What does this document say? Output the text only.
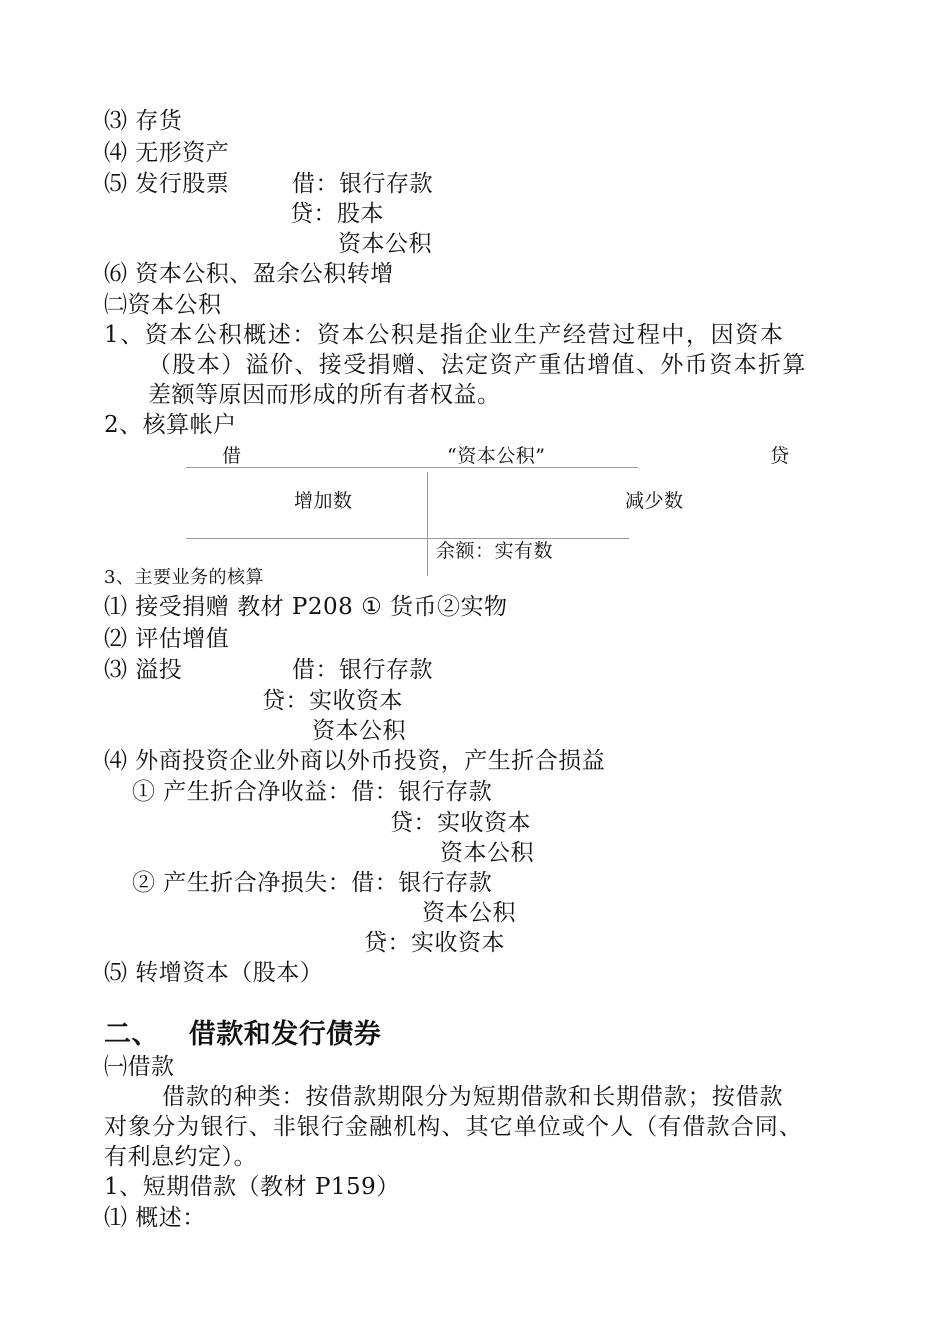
⑶ 存货
⑷ 无形资产
⑸ 发行股票	借：银行存款
贷：股本
资本公积
⑹ 资本公积、盈余公积转增
㈡资本公积
1、资本公积概述：资本公积是指企业生产经营过程中，因资本
（股本）溢价、接受捐赠、法定资产重估增值、外币资本折算
差额等原因而形成的所有者权益。
2、核算帐户
借	“资本公积”	贷
增加数	减少数
余额：实有数
3、主要业务的核算
⑴ 接受捐赠 教材 P208 ① 货币②实物
⑵ 评估增值
⑶ 溢投	借：银行存款
贷：实收资本
资本公积
⑷ 外商投资企业外商以外币投资，产生折合损益
① 产生折合净收益：借：银行存款
贷：实收资本
资本公积
② 产生折合净损失：借：银行存款
资本公积
贷：实收资本
⑸ 转增资本（股本）
二、   借款和发行债券
㈠借款
借款的种类：按借款期限分为短期借款和长期借款；按借款
对象分为银行、非银行金融机构、其它单位或个人（有借款合同、
有利息约定）。
1、短期借款（教材 P159）
⑴ 概述：
